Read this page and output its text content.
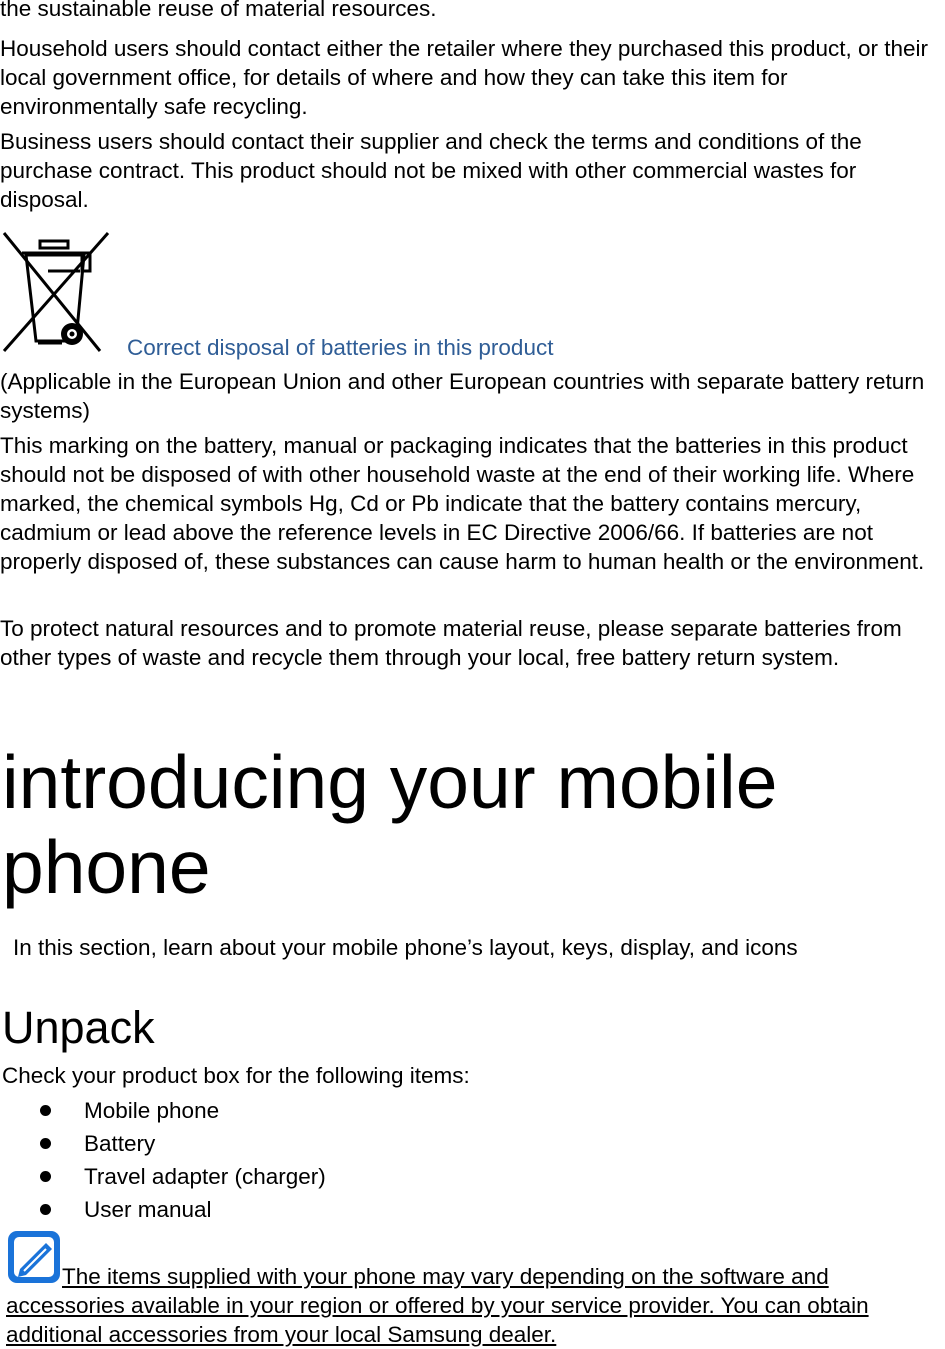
the sustainable reuse of material resources.

Household users should contact either the retailer where they purchased this product, or their local government office, for details of where and how they can take this item for environmentally safe recycling.

Business users should contact their supplier and check the terms and conditions of the purchase contract. This product should not be mixed with other commercial wastes for disposal.

Correct disposal of batteries in this product

(Applicable in the European Union and other European countries with separate battery return systems)

This marking on the battery, manual or packaging indicates that the batteries in this product should not be disposed of with other household waste at the end of their working life. Where marked, the chemical symbols Hg, Cd or Pb indicate that the battery contains mercury, cadmium or lead above the reference levels in EC Directive 2006/66. If batteries are not properly disposed of, these substances can cause harm to human health or the environment.

To protect natural resources and to promote material reuse, please separate batteries from other types of waste and recycle them through your local, free battery return system.

introducing your mobile phone
In this section, learn about your mobile phone’s layout, keys, display, and icons
Unpack
Check your product box for the following items:
Mobile phone
Battery
Travel adapter (charger)
User manual
The items supplied with your phone may vary depending on the software and accessories available in your region or offered by your service provider. You can obtain additional accessories from your local Samsung dealer.
